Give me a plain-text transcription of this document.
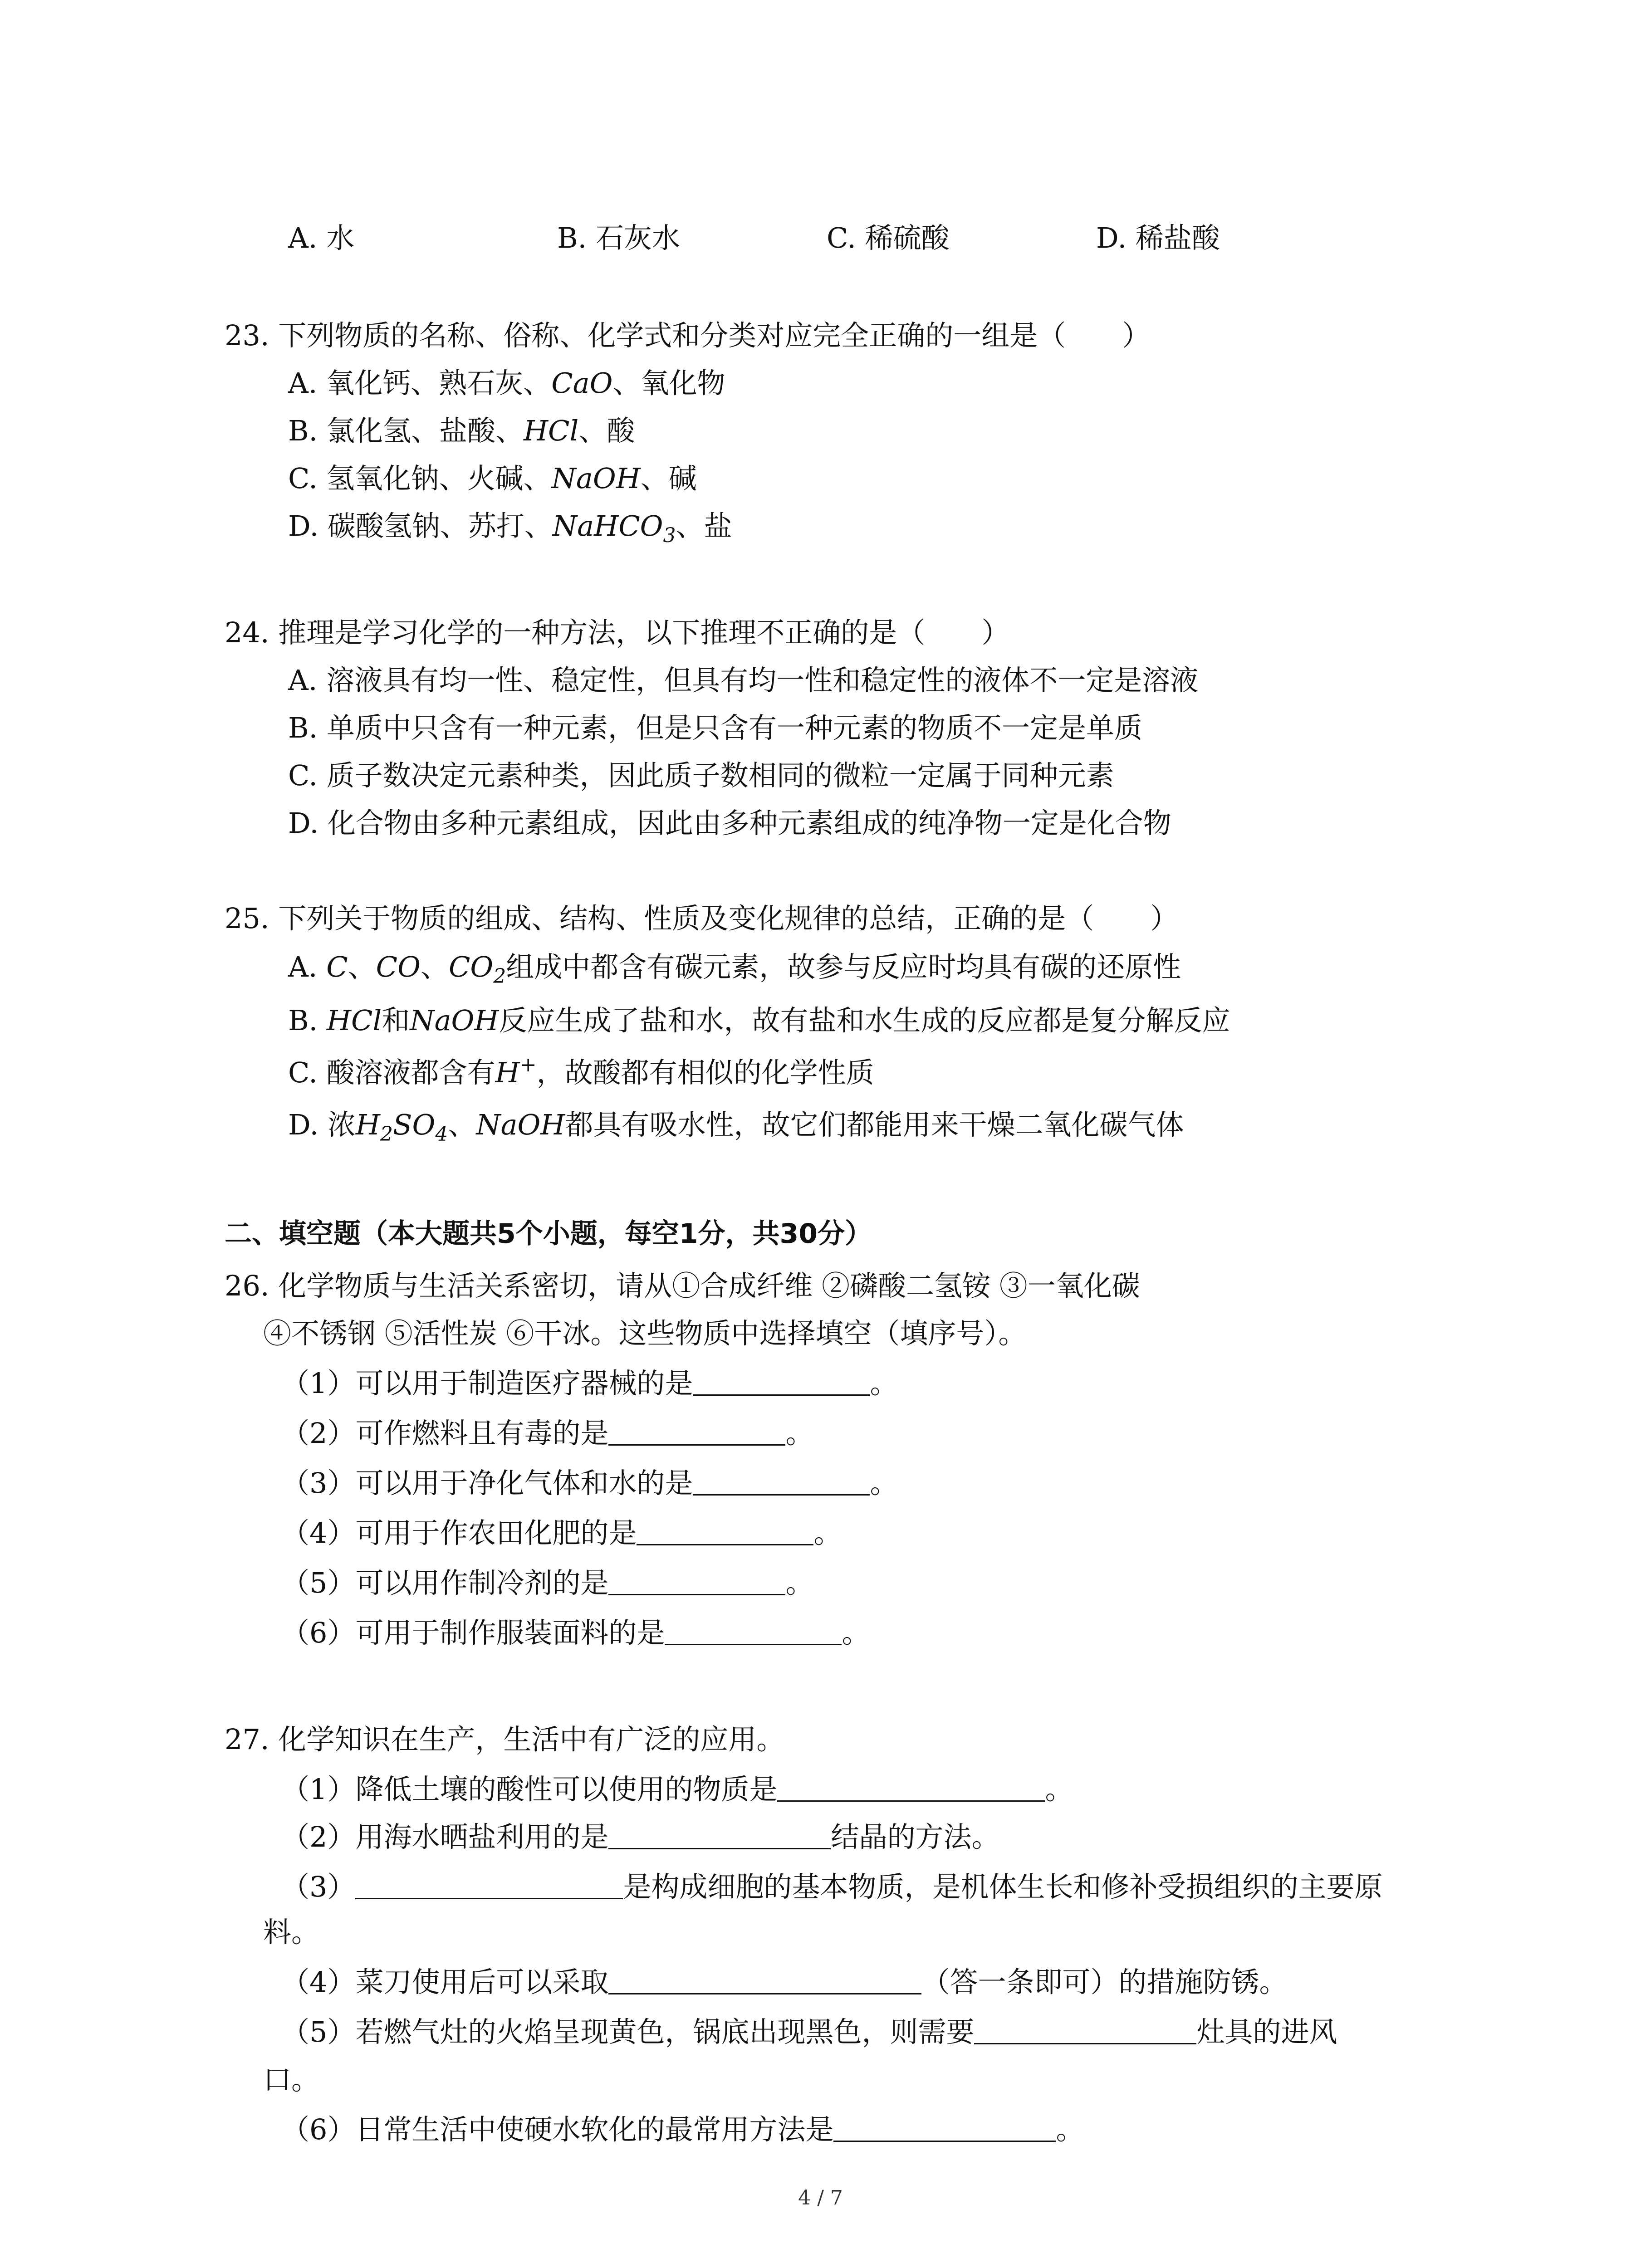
A. 水	B. 石灰水	C. 稀硫酸	D. 稀盐酸
23. 下列物质的名称、俗称、化学式和分类对应完全正确的一组是（　　）
A. 氧化钙、熟石灰、CaO、氧化物
B. 氯化氢、盐酸、HCl、酸
C. 氢氧化钠、火碱、NaOH、碱
D. 碳酸氢钠、苏打、NaHCO$_3$、盐
24. 推理是学习化学的一种方法，以下推理不正确的是（　　）
A. 溶液具有均一性、稳定性，但具有均一性和稳定性的液体不一定是溶液
B. 单质中只含有一种元素，但是只含有一种元素的物质不一定是单质
C. 质子数决定元素种类，因此质子数相同的微粒一定属于同种元素
D. 化合物由多种元素组成，因此由多种元素组成的纯净物一定是化合物
25. 下列关于物质的组成、结构、性质及变化规律的总结，正确的是（　　）
A. C、CO、$CO_2$组成中都含有碳元素，故参与反应时均具有碳的还原性
B. HCl和NaOH反应生成了盐和水，故有盐和水生成的反应都是复分解反应
C. 酸溶液都含有H+，故酸都有相似的化学性质
D. 浓$H_2SO_4$、NaOH都具有吸水性，故它们都能用来干燥二氧化碳气体
二、填空题（本大题共5个小题，每空1分，共30分）
26. 化学物质与生活关系密切，请从①合成纤维 ②磷酸二氢铵 ③一氧化碳
④不锈钢 ⑤活性炭 ⑥干冰。这些物质中选择填空（填序号）。
（1）可以用于制造医疗器械的是	。
（2）可作燃料且有毒的是	。
（3）可以用于净化气体和水的是	。
（4）可用于作农田化肥的是	。
（5）可以用作制冷剂的是	。
（6）可用于制作服装面料的是	。
27. 化学知识在生产，生活中有广泛的应用。
（1）降低土壤的酸性可以使用的物质是	。
（2）用海水晒盐利用的是	结晶的方法。
（3）	是构成细胞的基本物质，是机体生长和修补受损组织的主要原
料。
（4）菜刀使用后可以采取	（答一条即可）的措施防锈。
（5）若燃气灶的火焰呈现黄色，锅底出现黑色，则需要	灶具的进风
口。
（6）日常生活中使硬水软化的最常用方法是	。
4 / 7
